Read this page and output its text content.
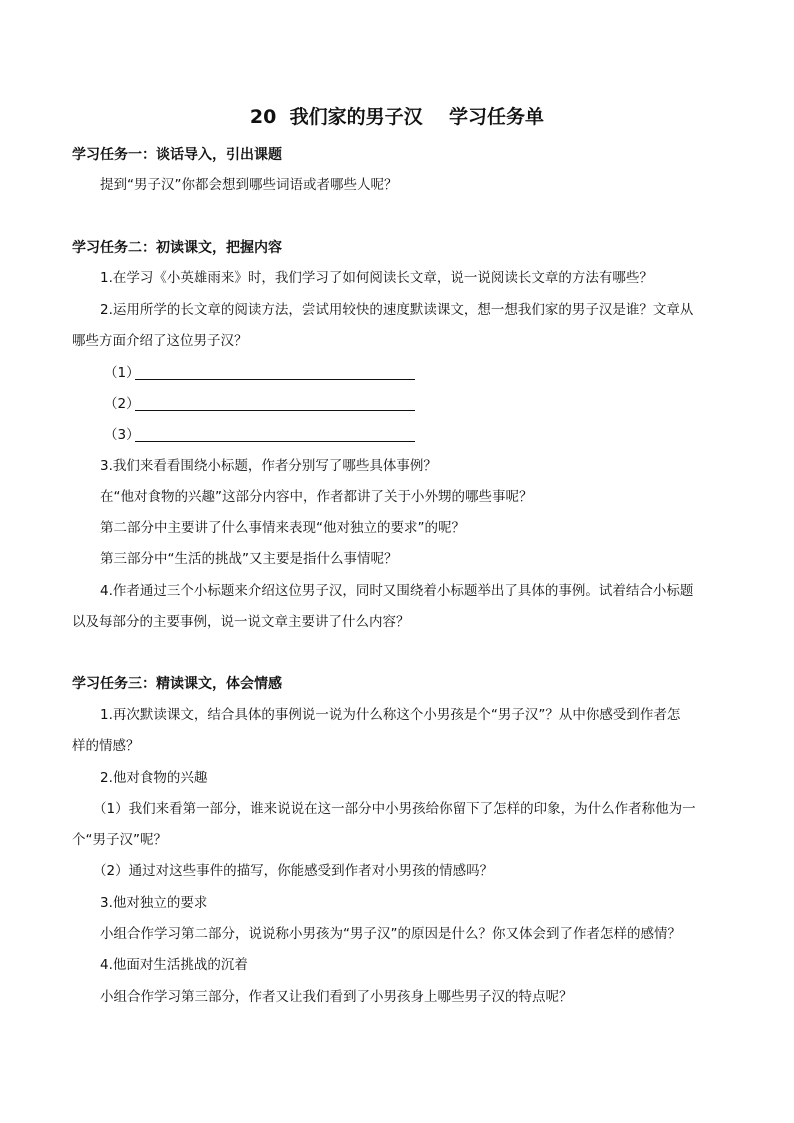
20  我们家的男子汉    学习任务单
学习任务一：谈话导入，引出课题
提到“男子汉”你都会想到哪些词语或者哪些人呢？
学习任务二：初读课文，把握内容
1.在学习《小英雄雨来》时，我们学习了如何阅读长文章，说一说阅读长文章的方法有哪些？
2.运用所学的长文章的阅读方法，尝试用较快的速度默读课文，想一想我们家的男子汉是谁？文章从
哪些方面介绍了这位男子汉？
（1）
（2）
（3）
3.我们来看看围绕小标题，作者分别写了哪些具体事例？
在“他对食物的兴趣”这部分内容中，作者都讲了关于小外甥的哪些事呢？
第二部分中主要讲了什么事情来表现“他对独立的要求”的呢？
第三部分中“生活的挑战”又主要是指什么事情呢？
4.作者通过三个小标题来介绍这位男子汉，同时又围绕着小标题举出了具体的事例。试着结合小标题
以及每部分的主要事例，说一说文章主要讲了什么内容？
学习任务三：精读课文，体会情感
1.再次默读课文，结合具体的事例说一说为什么称这个小男孩是个“男子汉”？从中你感受到作者怎
样的情感？
2.他对食物的兴趣
（1）我们来看第一部分，谁来说说在这一部分中小男孩给你留下了怎样的印象，为什么作者称他为一
个“男子汉”呢？
（2）通过对这些事件的描写，你能感受到作者对小男孩的情感吗？
3.他对独立的要求
小组合作学习第二部分，说说称小男孩为“男子汉”的原因是什么？你又体会到了作者怎样的感情？
4.他面对生活挑战的沉着
小组合作学习第三部分，作者又让我们看到了小男孩身上哪些男子汉的特点呢？
